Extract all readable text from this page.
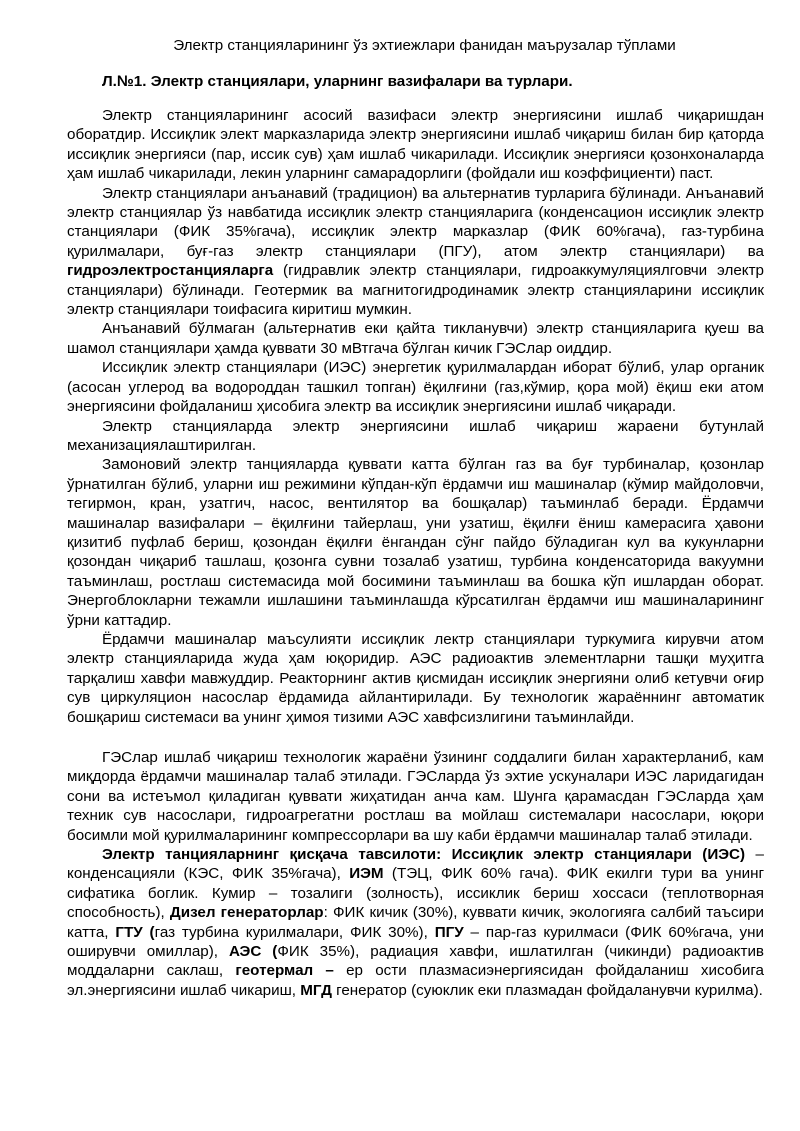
Электр станцияларининг ўз эхтиежлари фанидан маърузалар тўплами
Л.№1. Электр станциялари, уларнинг вазифалари ва турлари.

Электр станцияларининг асосий вазифаси электр энергиясини ишлаб чиқаришдан оборатдир. Иссиқлик элект марказларида электр энергиясини ишлаб чиқариш билан бир қаторда иссиқлик энергияси (пар, иссик сув) ҳам ишлаб чикарилади. Иссиқлик энергияси қозонхоналарда ҳам ишлаб чикарилади, лекин уларнинг самарадорлиги (фойдали иш коэффициенти) паст.

Электр станциялари анъанавий (традицион) ва альтернатив турларига бўлинади. Анъанавий электр станциялар ўз навбатида иссиқлик электр станцияларига (конденсацион иссиқлик электр станциялари (ФИК 35%гача), иссиқлик электр марказлар (ФИК 60%гача), газ-турбина қурилмалари, буғ-газ электр станциялари (ПГУ), атом электр станциялари) ва гидроэлектростанцияларга (гидравлик электр станциялари, гидроаккумуляциялговчи электр станциялари) бўлинади. Геотермик ва магнитогидродинамик электр станцияларини иссиқлик электр станциялари тоифасига киритиш мумкин.

Анъанавий бўлмаган (альтернатив еки қайта тикланувчи) электр станцияларига қуеш ва шамол станциялари ҳамда қуввати 30 мВтгача бўлган кичик ГЭСлар оиддир.

Иссиқлик электр станциялари (ИЭС) энергетик қурилмалардан иборат бўлиб, улар органик (асосан углерод ва водороддан ташкил топган) ёқилғини (газ,кўмир, қора мой) ёқиш еки атом энергиясини фойдаланиш ҳисобига электр ва иссиқлик энергиясини ишлаб чиқаради.

Электр станцияларда электр энергиясини ишлаб чиқариш жараени бутунлай механизациялаштирилган.

Замоновий электр танцияларда қуввати катта бўлган газ ва буғ турбиналар, қозонлар ўрнатилган бўлиб, уларни иш режимини кўпдан-кўп ёрдамчи иш машиналар (кўмир майдоловчи, тегирмон, кран, узатгич, насос, вентилятор ва бошқалар) таъминлаб беради. Ёрдамчи машиналар вазифалари – ёқилғини тайерлаш, уни узатиш, ёқилғи ёниш камерасига ҳавони қизитиб пуфлаб бериш, қозондан ёқилғи ёнгандан сўнг пайдо бўладиган кул ва кукунларни қозондан чиқариб ташлаш, қозонга сувни тозалаб узатиш, турбина конденсаторида вакуумни таъминлаш, ростлаш системасида мой босимини таъминлаш ва бошка кўп ишлардан оборат. Энергоблокларни тежамли ишлашини таъминлашда кўрсатилган ёрдамчи иш машиналарининг ўрни каттадир.

Ёрдамчи машиналар маъсулияти иссиқлик лектр станциялари туркумига кирувчи атом электр станцияларида жуда ҳам юқоридир. АЭС радиоактив элементларни ташқи муҳитга тарқалиш хавфи мавжуддир. Реакторнинг актив қисмидан иссиқлик энергияни олиб кетувчи оғир сув циркуляцион насослар ёрдамида айлантирилади. Бу технологик жараённинг автоматик бошқариш системаси ва унинг ҳимоя тизими АЭС хавфсизлигини таъминлайди.

ГЭСлар ишлаб чиқариш технологик жараёни ўзининг соддалиги билан характерланиб, кам миқдорда ёрдамчи машиналар талаб этилади. ГЭСларда ўз эхтие ускуналари ИЭС ларидагидан сони ва истеъмол қиладиган қуввати жиҳатидан анча кам. Шунга қарамасдан ГЭСларда ҳам техник сув насослари, гидроагрегатни ростлаш ва мойлаш системалари насослари, юқори босимли мой қурилмаларининг компрессорлари ва шу каби ёрдамчи машиналар талаб этилади.

Электр танцияларнинг қисқача тавсилоти: Иссиқлик электр станциялари (ИЭС) – конденсацияли (КЭС, ФИК 35%гача), ИЭМ (ТЭЦ, ФИК 60% гача). ФИК екилги тури ва унинг сифатика боглик. Кумир – тозалиги (золность), иссиклик бериш хоссаси (теплотворная способность), Дизел генераторлар: ФИК кичик (30%), куввати кичик, экологияга салбий таъсири катта, ГТУ (газ турбина курилмалари, ФИК 30%), ПГУ – пар-газ курилмаси (ФИК 60%гача, уни оширувчи омиллар), АЭС (ФИК 35%), радиация хавфи, ишлатилган (чикинди) радиоактив моддаларни саклаш, геотермал – ер ости плазмасиэнергиясидан фойдаланиш хисобига эл.энергиясини ишлаб чикариш, МГД генератор (суюклик еки плазмадан фойдаланувчи курилма).
